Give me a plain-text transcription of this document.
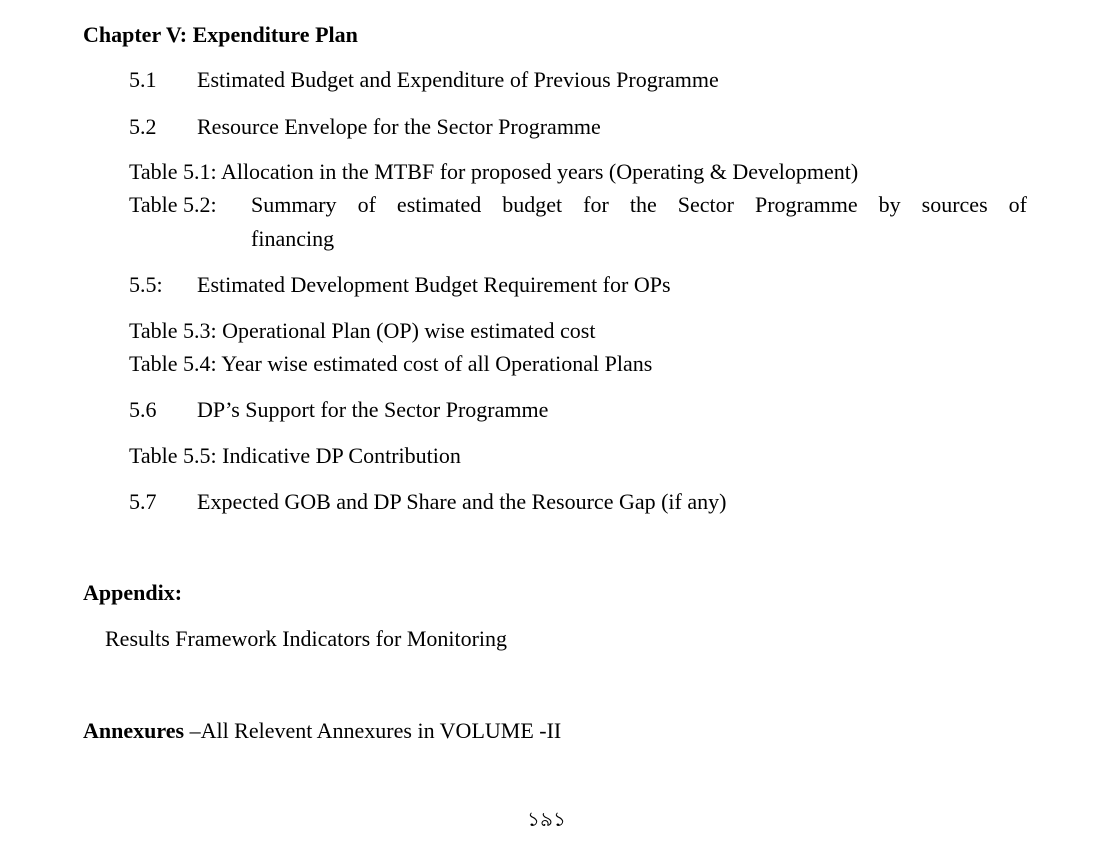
Chapter V: Expenditure Plan
5.1 Estimated Budget and Expenditure of Previous Programme
5.2 Resource Envelope for the Sector Programme
Table 5.1: Allocation in the MTBF for proposed years (Operating & Development)
Table 5.2:	Summary of estimated budget for the Sector Programme by sources of
financing
5.5: Estimated Development Budget Requirement for OPs
Table 5.3: Operational Plan (OP) wise estimated cost
Table 5.4: Year wise estimated cost of all Operational Plans
5.6 DP’s Support for the Sector Programme
Table 5.5: Indicative DP Contribution
5.7 Expected GOB and DP Share and the Resource Gap (if any)
Appendix:
Results Framework Indicators for Monitoring
Annexures –All Relevent Annexures in VOLUME -II
১৯১
